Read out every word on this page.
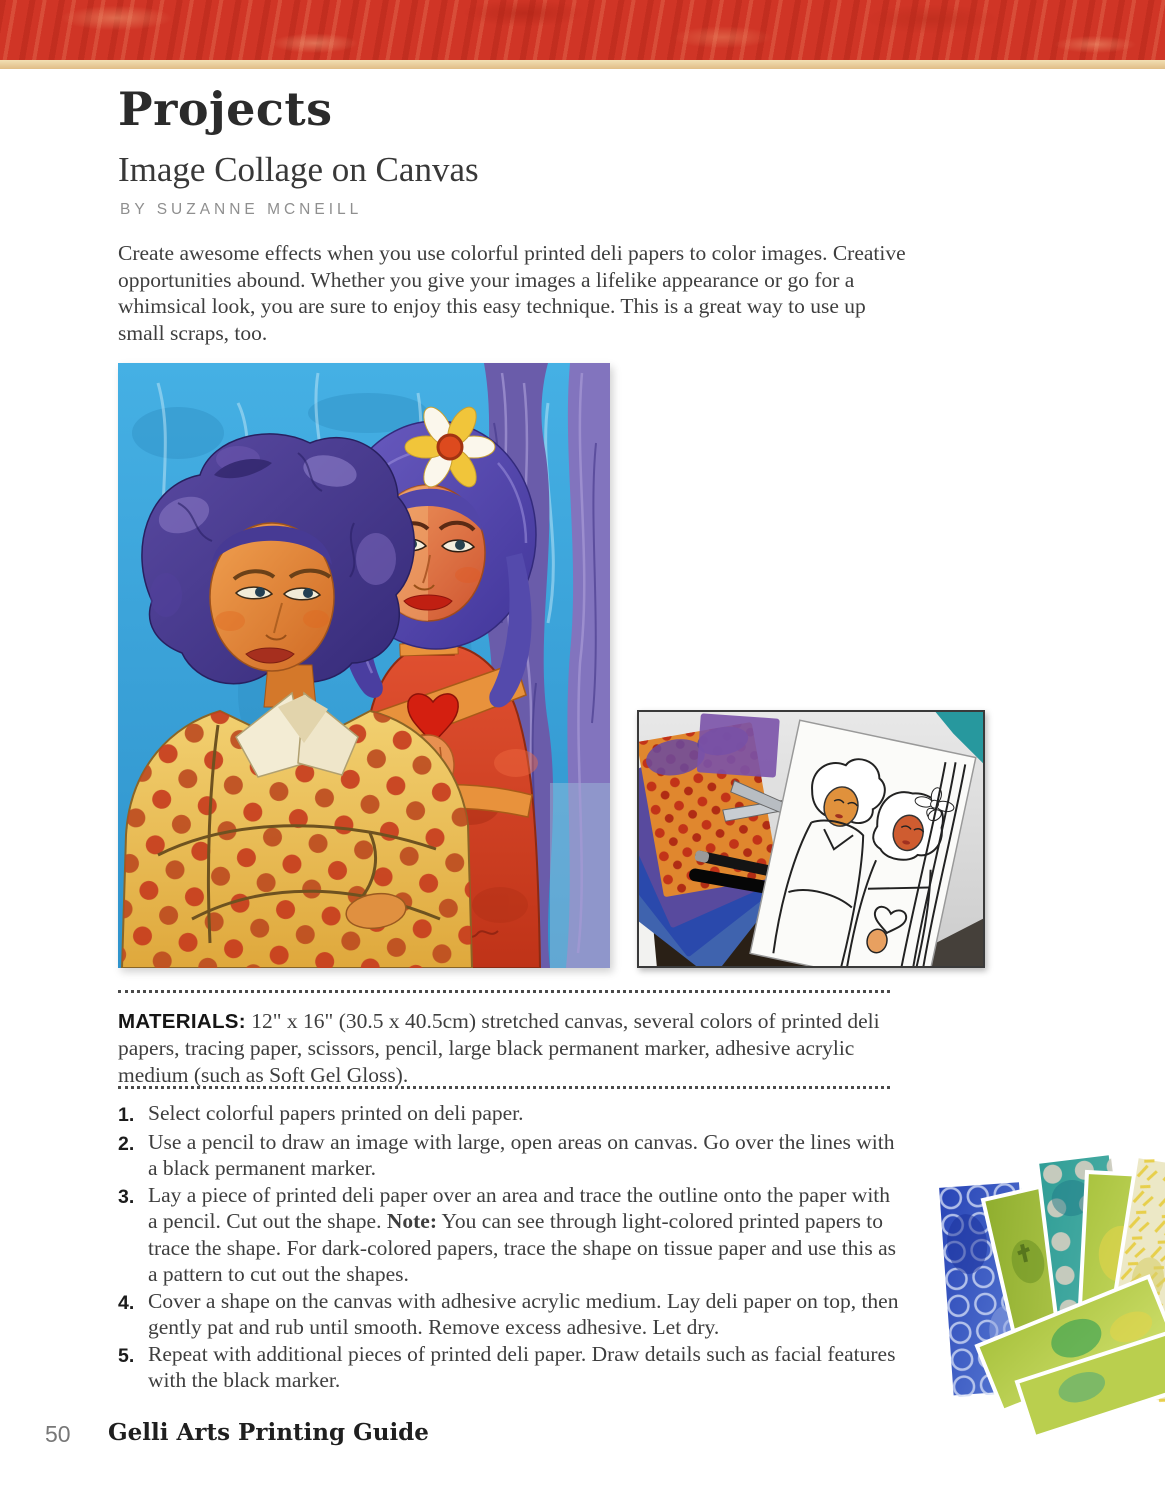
Projects
Image Collage on Canvas
BY SUZANNE MCNEILL

Create awesome effects when you use colorful printed deli papers to color images. Creative opportunities abound. Whether you give your images a lifelike appearance or go for a whimsical look, you are sure to enjoy this easy technique. This is a great way to use up small scraps, too.

MATERIALS: 12" x 16" (30.5 x 40.5cm) stretched canvas, several colors of printed deli papers, tracing paper, scissors, pencil, large black permanent marker, adhesive acrylic medium (such as Soft Gel Gloss).

1. Select colorful papers printed on deli paper.
2. Use a pencil to draw an image with large, open areas on canvas. Go over the lines with a black permanent marker.
3. Lay a piece of printed deli paper over an area and trace the outline onto the paper with a pencil. Cut out the shape. Note: You can see through light-colored printed papers to trace the shape. For dark-colored papers, trace the shape on tissue paper and use this as a pattern to cut out the shapes.
4. Cover a shape on the canvas with adhesive acrylic medium. Lay deli paper on top, then gently pat and rub until smooth. Remove excess adhesive. Let dry.
5. Repeat with additional pieces of printed deli paper. Draw details such as facial features with the black marker.
50 Gelli Arts Printing Guide
